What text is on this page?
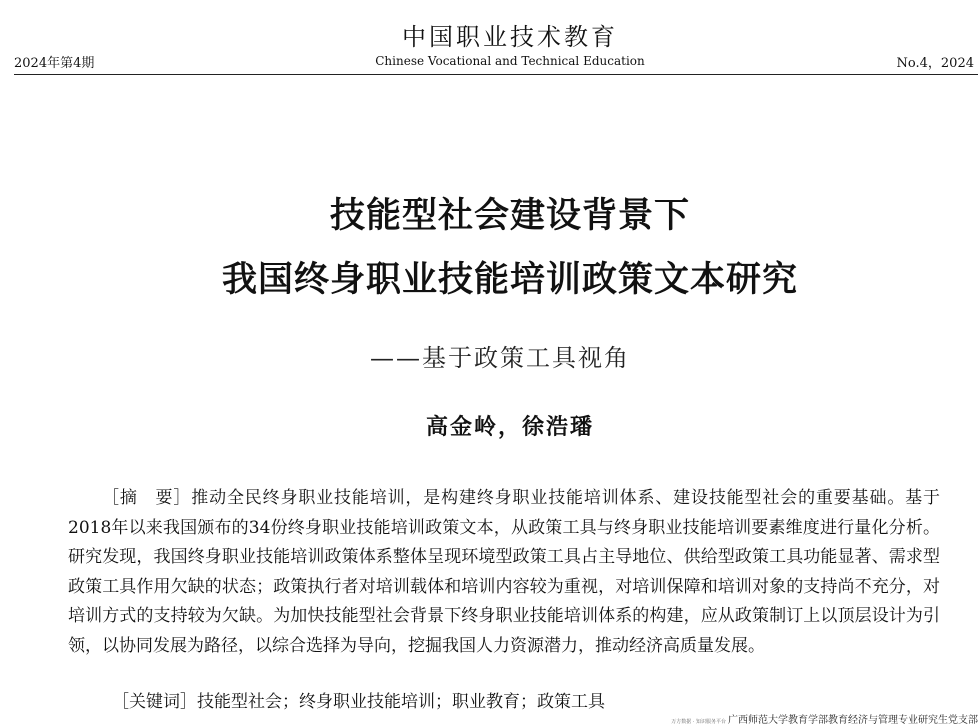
2024年第4期
中国职业技术教育
Chinese Vocational and Technical Education	No.4，2024
技能型社会建设背景下
我国终身职业技能培训政策文本研究
——基于政策工具视角
高金岭，徐浩璠
［摘　要］推动全民终身职业技能培训，是构建终身职业技能培训体系、建设技能型社会的重要基础。基于2018年以来我国颁布的34份终身职业技能培训政策文本，从政策工具与终身职业技能培训要素维度进行量化分析。研究发现，我国终身职业技能培训政策体系整体呈现环境型政策工具占主导地位、供给型政策工具功能显著、需求型政策工具作用欠缺的状态；政策执行者对培训载体和培训内容较为重视，对培训保障和培训对象的支持尚不充分，对培训方式的支持较为欠缺。为加快技能型社会背景下终身职业技能培训体系的构建，应从政策制订上以顶层设计为引领，以协同发展为路径，以综合选择为导向，挖掘我国人力资源潜力，推动经济高质量发展。
［关键词］技能型社会；终身职业技能培训；职业教育；政策工具
万方数据 · 知识服务平台 广西师范大学教育学部教育经济与管理专业研究生党支部
